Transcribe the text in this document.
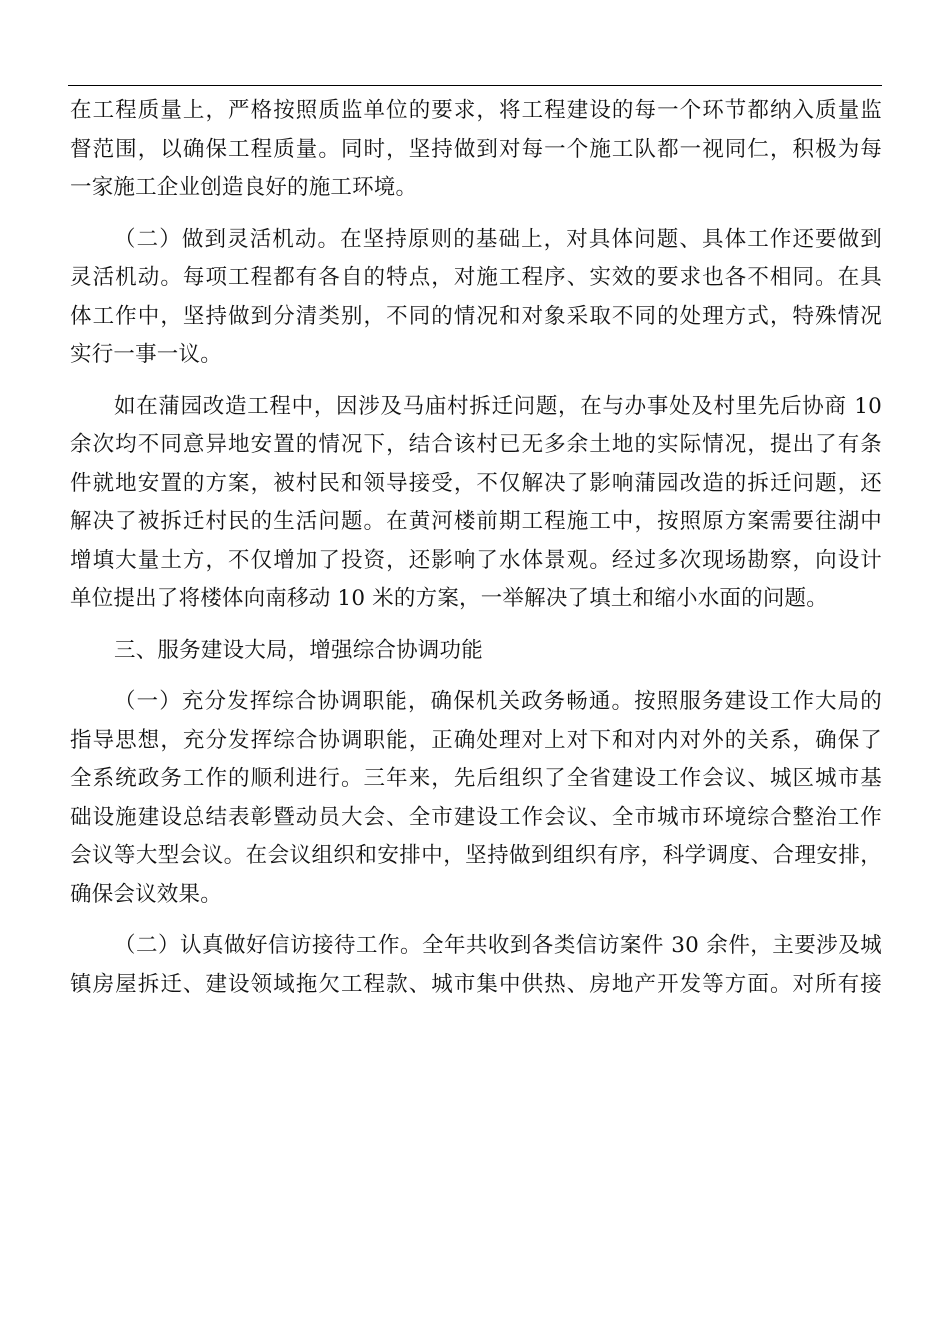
在工程质量上，严格按照质监单位的要求，将工程建设的每一个环节都纳入质量监
督范围，以确保工程质量。同时，坚持做到对每一个施工队都一视同仁，积极为每
一家施工企业创造良好的施工环境。
（二）做到灵活机动。在坚持原则的基础上，对具体问题、具体工作还要做到
灵活机动。每项工程都有各自的特点，对施工程序、实效的要求也各不相同。在具
体工作中，坚持做到分清类别，不同的情况和对象采取不同的处理方式，特殊情况
实行一事一议。
如在蒲园改造工程中，因涉及马庙村拆迁问题，在与办事处及村里先后协商 10
余次均不同意异地安置的情况下，结合该村已无多余土地的实际情况，提出了有条
件就地安置的方案，被村民和领导接受，不仅解决了影响蒲园改造的拆迁问题，还
解决了被拆迁村民的生活问题。在黄河楼前期工程施工中，按照原方案需要往湖中
增填大量土方，不仅增加了投资，还影响了水体景观。经过多次现场勘察，向设计
单位提出了将楼体向南移动 10 米的方案，一举解决了填土和缩小水面的问题。
三、服务建设大局，增强综合协调功能
（一）充分发挥综合协调职能，确保机关政务畅通。按照服务建设工作大局的
指导思想，充分发挥综合协调职能，正确处理对上对下和对内对外的关系，确保了
全系统政务工作的顺利进行。三年来，先后组织了全省建设工作会议、城区城市基
础设施建设总结表彰暨动员大会、全市建设工作会议、全市城市环境综合整治工作
会议等大型会议。在会议组织和安排中，坚持做到组织有序，科学调度、合理安排，
确保会议效果。
（二）认真做好信访接待工作。全年共收到各类信访案件 30 余件，主要涉及城
镇房屋拆迁、建设领域拖欠工程款、城市集中供热、房地产开发等方面。对所有接
